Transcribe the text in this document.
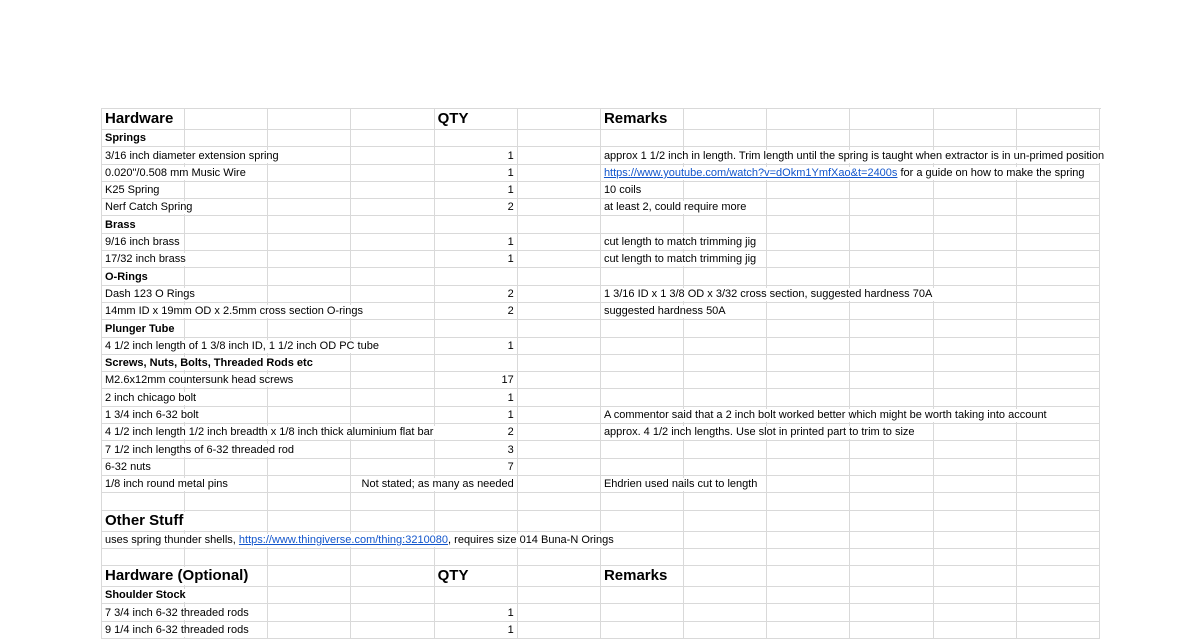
Hardware	QTY	Remarks
Springs
3/16 inch diameter extension spring	1	approx 1 1/2 inch in length. Trim length until the spring is taught when extractor is in un-primed position
0.020"/0.508 mm Music Wire	1	https://www.youtube.com/watch?v=dOkm1YmfXao&t=2400s for a guide on how to make the spring
K25 Spring	1	10 coils
Nerf Catch Spring	2	at least 2, could require more
Brass
9/16 inch brass	1	cut length to match trimming jig
17/32 inch brass	1	cut length to match trimming jig
O-Rings
Dash 123 O Rings	2	1 3/16 ID x 1 3/8 OD x 3/32 cross section, suggested hardness 70A
14mm ID x 19mm OD x 2.5mm cross section O-rings	2	suggested hardness 50A
Plunger Tube
4 1/2 inch length of 1 3/8 inch ID, 1 1/2 inch OD PC tube	1
Screws, Nuts, Bolts, Threaded Rods etc
M2.6x12mm countersunk head screws	17
2 inch chicago bolt	1
1 3/4 inch 6-32 bolt	1	A commentor said that a 2 inch bolt worked better which might be worth taking into account
4 1/2 inch length 1/2 inch breadth x 1/8 inch thick aluminium flat bar	2	approx. 4 1/2 inch lengths. Use slot in printed part to trim to size
7 1/2 inch lengths of 6-32 threaded rod	3
6-32 nuts	7
1/8 inch round metal pins	Not stated; as many as needed	Ehdrien used nails cut to length
Other Stuff
uses spring thunder shells, https://www.thingiverse.com/thing:3210080, requires size 014 Buna-N Orings
Hardware (Optional)	QTY	Remarks
Shoulder Stock
7 3/4 inch 6-32 threaded rods	1
9 1/4 inch 6-32 threaded rods	1
